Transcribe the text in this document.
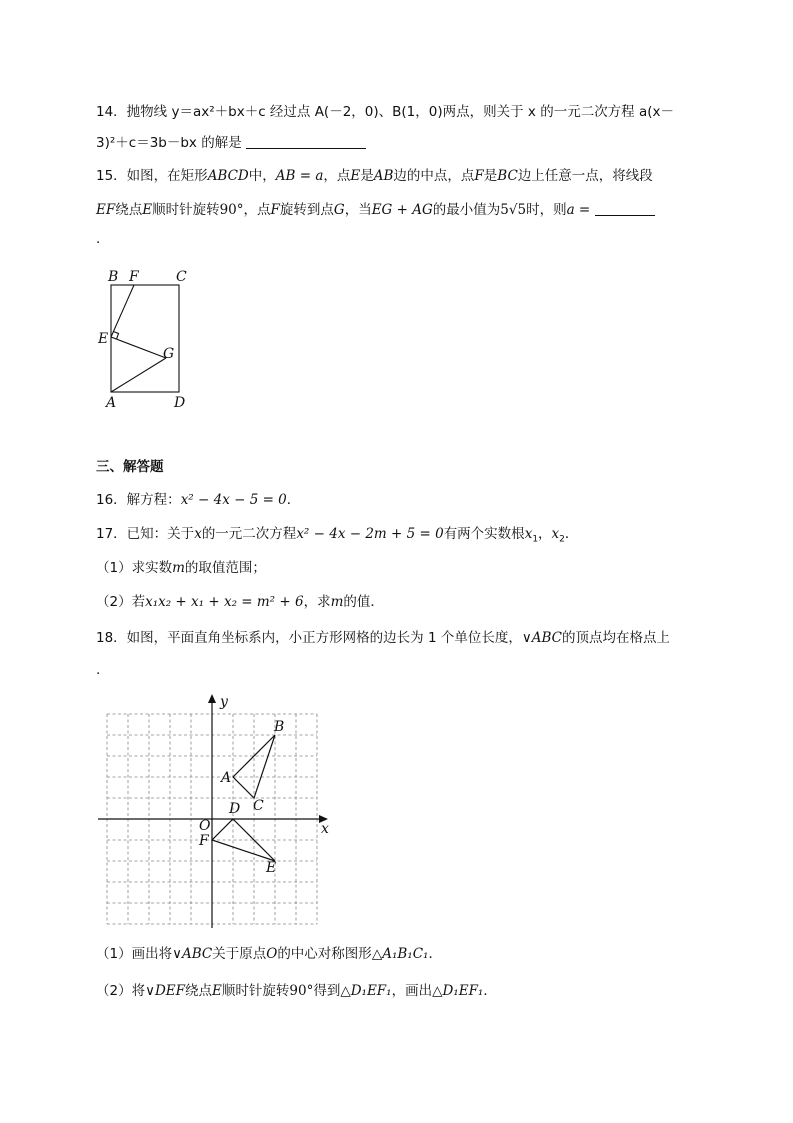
14．抛物线 y＝ax²＋bx＋c 经过点 A(－2，0)、B(1，0)两点，则关于 x 的一元二次方程 a(x－
3)²＋c＝3b－bx 的解是
15．如图，在矩形ABCD中，AB = a，点E是AB边的中点，点F是BC边上任意一点，将线段
EF绕点E顺时针旋转90°，点F旋转到点G，当EG + AG的最小值为5√5时，则a =
.
B F	C
E
G
A	D
三、解答题
16．解方程：x² − 4x − 5 = 0．
17．已知：关于x的一元二次方程x² − 4x − 2m + 5 = 0有两个实数根$x_1$，$x_2$．
（1）求实数m的取值范围；
（2）若x₁x₂ + x₁ + x₂ = m² + 6，求m的值．
18．如图，平面直角坐标系内，小正方形网格的边长为 1 个单位长度，∨ABC的顶点均在格点上
.
y
x
A
B
C
D
O
F
E
（1）画出将∨ABC关于原点O的中心对称图形△A₁B₁C₁．
（2）将∨DEF绕点E顺时针旋转90°得到△D₁EF₁，画出△D₁EF₁．
